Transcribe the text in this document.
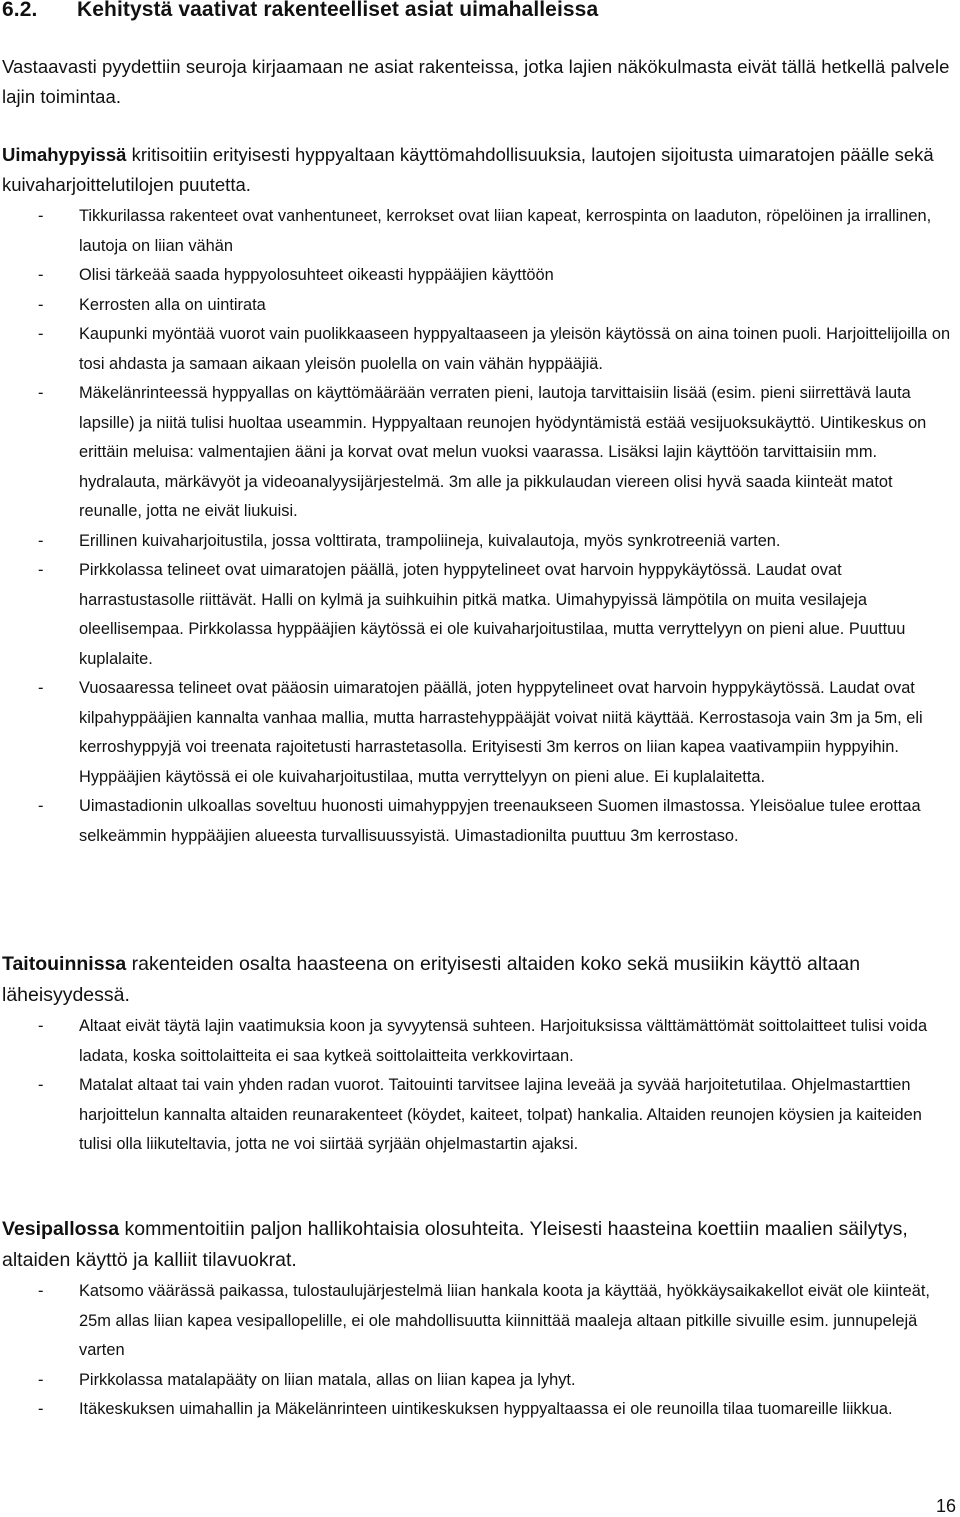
6.2. Kehitystä vaativat rakenteelliset asiat uimahalleissa
Vastaavasti pyydettiin seuroja kirjaamaan ne asiat rakenteissa, jotka lajien näkökulmasta eivät tällä hetkellä palvele lajin toimintaa.
Uimahypyissä kritisoitiin erityisesti hyppyaltaan käyttömahdollisuuksia, lautojen sijoitusta uimaratojen päälle sekä kuivaharjoittelutilojen puutetta.
- Tikkurilassa rakenteet ovat vanhentuneet, kerrokset ovat liian kapeat, kerrospinta on laaduton, röpelöinen ja irrallinen, lautoja on liian vähän
- Olisi tärkeää saada hyppyolosuhteet oikeasti hyppääjien käyttöön
- Kerrosten alla on uintirata
- Kaupunki myöntää vuorot vain puolikkaaseen hyppyaltaaseen ja yleisön käytössä on aina toinen puoli. Harjoittelijoilla on tosi ahdasta ja samaan aikaan yleisön puolella on vain vähän hyppääjiä.
- Mäkelänrinteessä hyppyallas on käyttömäärään verraten pieni, lautoja tarvittaisiin lisää (esim. pieni siirrettävä lauta lapsille) ja niitä tulisi huoltaa useammin. Hyppyaltaan reunojen hyödyntämistä estää vesijuoksukäyttö. Uintikeskus on erittäin meluisa: valmentajien ääni ja korvat ovat melun vuoksi vaarassa. Lisäksi lajin käyttöön tarvittaisiin mm. hydralauta, märkävyöt ja videoanalyysijärjestelmä. 3m alle ja pikkulaudan viereen olisi hyvä saada kiinteät matot reunalle, jotta ne eivät liukuisi.
- Erillinen kuivaharjoitustila, jossa volttirata, trampoliineja, kuivalautoja, myös synkrotreeniä varten.
- Pirkkolassa telineet ovat uimaratojen päällä, joten hyppytelineet ovat harvoin hyppykäytössä. Laudat ovat harrastustasolle riittävät. Halli on kylmä ja suihkuihin pitkä matka. Uimahypyissä lämpötila on muita vesilajeja oleellisempaa. Pirkkolassa hyppääjien käytössä ei ole kuivaharjoitustilaa, mutta verryttelyyn on pieni alue. Puuttuu kuplalaite.
- Vuosaaressa telineet ovat pääosin uimaratojen päällä, joten hyppytelineet ovat harvoin hyppykäytössä. Laudat ovat kilpahyppääjien kannalta vanhaa mallia, mutta harrastehyppääjät voivat niitä käyttää. Kerrostasoja vain 3m ja 5m, eli kerroshyppyjä voi treenata rajoitetusti harrastetasolla. Erityisesti 3m kerros on liian kapea vaativampiin hyppyihin. Hyppääjien käytössä ei ole kuivaharjoitustilaa, mutta verryttelyyn on pieni alue. Ei kuplalaitetta.
- Uimastadionin ulkoallas soveltuu huonosti uimahyppyjen treenaukseen Suomen ilmastossa. Yleisöalue tulee erottaa selkeämmin hyppääjien alueesta turvallisuussyistä. Uimastadionilta puuttuu 3m kerrostaso.
Taitouinnissa rakenteiden osalta haasteena on erityisesti altaiden koko sekä musiikin käyttö altaan läheisyydessä.
- Altaat eivät täytä lajin vaatimuksia koon ja syvyytensä suhteen. Harjoituksissa välttämättömät soittolaitteet tulisi voida ladata, koska soittolaitteita ei saa kytkeä soittolaitteita verkkovirtaan.
- Matalat altaat tai vain yhden radan vuorot. Taitouinti tarvitsee lajina leveää ja syvää harjoitetutilaa. Ohjelmastarttien harjoittelun kannalta altaiden reunarakenteet (köydet, kaiteet, tolpat) hankalia. Altaiden reunojen köysien ja kaiteiden tulisi olla liikuteltavia, jotta ne voi siirtää syrjään ohjelmastartin ajaksi.
Vesipallossa kommentoitiin paljon hallikohtaisia olosuhteita. Yleisesti haasteina koettiin maalien säilytys, altaiden käyttö ja kalliit tilavuokrat.
- Katsomo väärässä paikassa, tulostaulujärjestelmä liian hankala koota ja käyttää, hyökkäysaikakellot eivät ole kiinteät, 25m allas liian kapea vesipallopelille, ei ole mahdollisuutta kiinnittää maaleja altaan pitkille sivuille esim. junnupelejä varten
- Pirkkolassa matalapääty on liian matala, allas on liian kapea ja lyhyt.
- Itäkeskuksen uimahallin ja Mäkelänrinteen uintikeskuksen hyppyaltaassa ei ole reunoilla tilaa tuomareille liikkua.
16
